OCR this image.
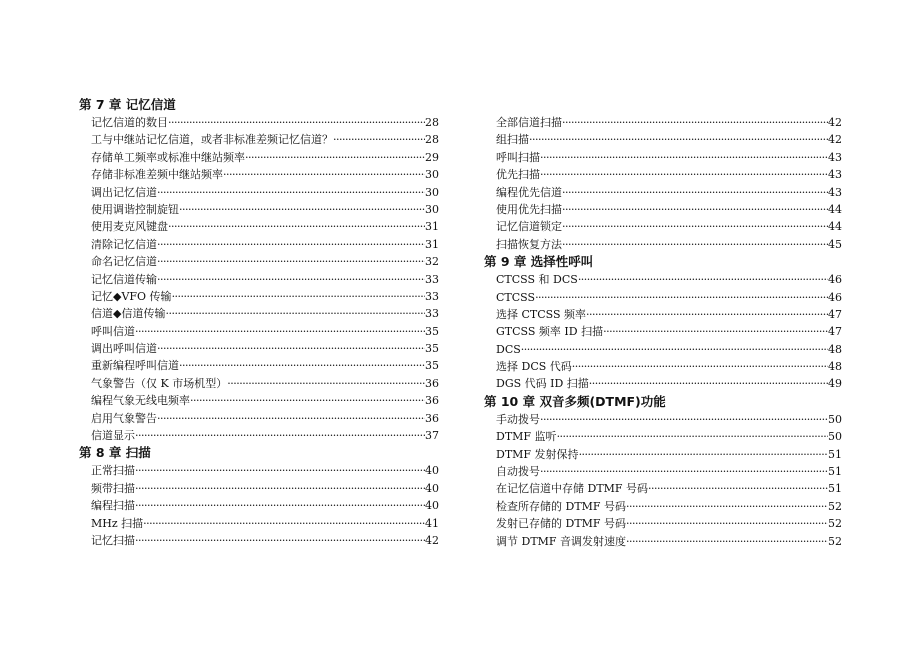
第 7 章 记忆信道
记忆信道的数目 ·····	28
工与中继站记忆信道，或者非标准差频记忆信道？ ·····	28
存储单工频率或标准中继站频率 ·····	29
存储非标准差频中继站频率 ·····	30
调出记忆信道 ·····	30
使用调谐控制旋钮 ·····	30
使用麦克风键盘 ·····	31
清除记忆信道 ·····	31
命名记忆信道 ·····	32
记忆信道传输 ·····	33
记忆◆VFO 传输 ·····	33
信道◆信道传输 ·····	33
呼叫信道 ·····	35
调出呼叫信道 ·····	35
重新编程呼叫信道 ·····	35
气象警告（仅 K 市场机型） ·····	36
编程气象无线电频率 ·····	36
启用气象警告 ·····	36
信道显示 ·····	37
第 8 章 扫描
正常扫描 ·····	40
频带扫描 ·····	40
编程扫描 ·····	40
MHz 扫描 ·····	41
记忆扫描 ·····	42
全部信道扫描 ·····	42
组扫描 ·····	42
呼叫扫描 ·····	43
优先扫描 ·····	43
编程优先信道 ·····	43
使用优先扫描 ·····	44
记忆信道锁定 ·····	44
扫描恢复方法 ·····	45
第 9 章 选择性呼叫
CTCSS 和 DCS ·····	46
CTCSS ·····	46
选择 CTCSS 频率 ·····	47
GTCSS 频率 ID 扫描 ·····	47
DCS ·····	48
选择 DCS 代码 ·····	48
DGS 代码 ID 扫描 ·····	49
第 10 章 双音多频(DTMF)功能
手动拨号 ·····	50
DTMF 监听 ·····	50
DTMF 发射保持 ·····	51
自动拨号 ·····	51
在记忆信道中存储 DTMF 号码 ·····	51
检查所存储的 DTMF 号码 ·····	52
发射已存储的 DTMF 号码 ·····	52
调节 DTMF 音调发射速度 ·····	52
